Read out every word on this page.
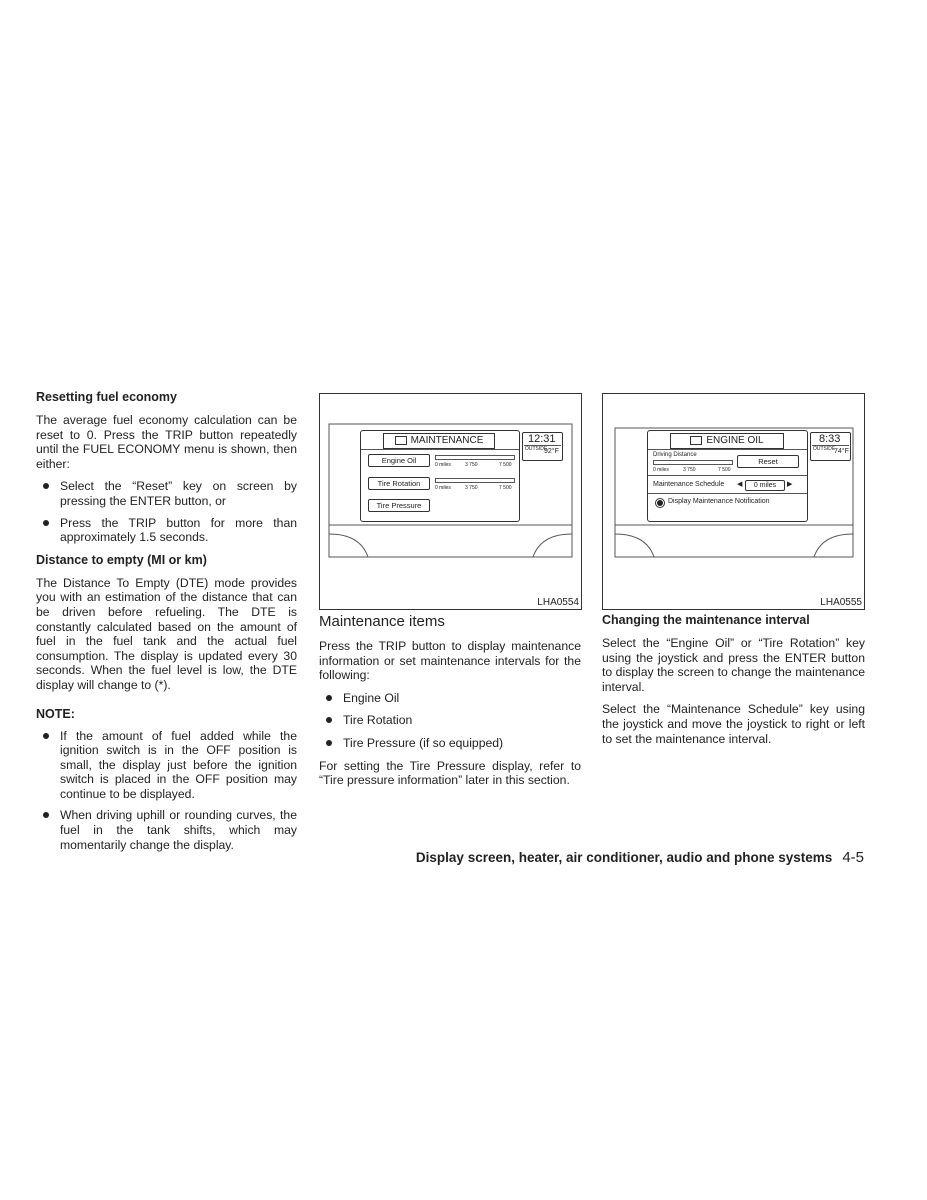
Resetting fuel economy

The average fuel economy calculation can be reset to 0. Press the TRIP button repeatedly until the FUEL ECONOMY menu is shown, then either:

Select the “Reset” key on screen by pressing the ENTER button, or
Press the TRIP button for more than approximately 1.5 seconds.
Distance to empty (MI or km)

The Distance To Empty (DTE) mode provides you with an estimation of the distance that can be driven before refueling. The DTE is constantly calculated based on the amount of fuel in the fuel tank and the actual fuel consumption. The display is updated every 30 seconds. When the fuel level is low, the DTE display will change to (*).

NOTE:
If the amount of fuel added while the ignition switch is in the OFF position is small, the display just before the ignition switch is placed in the OFF position may continue to be displayed.
When driving uphill or rounding curves, the fuel in the tank shifts, which may momentarily change the display.
MAINTENANCE
Engine Oil	0 miles	3 750	7 500
Tire Rotation	0 miles	3 750	7 500
Tire Pressure
12:31
OUTSIDE
92°F
LHA0554
ENGINE OIL
Driving Distance
0 miles	3 750	7 500
Reset
Maintenance Schedule ◀	0 miles	▶
Display Maintenance Notification
8:33
OUTSIDE
74°F
LHA0555
Maintenance items

Press the TRIP button to display maintenance information or set maintenance intervals for the following:

Engine Oil
Tire Rotation
Tire Pressure (if so equipped)

For setting the Tire Pressure display, refer to “Tire pressure information” later in this section.

Changing the maintenance interval

Select the “Engine Oil” or “Tire Rotation” key using the joystick and press the ENTER button to display the screen to change the maintenance interval.

Select the “Maintenance Schedule” key using the joystick and move the joystick to right or left to set the maintenance interval.

Display screen, heater, air conditioner, audio and phone systems 4-5
